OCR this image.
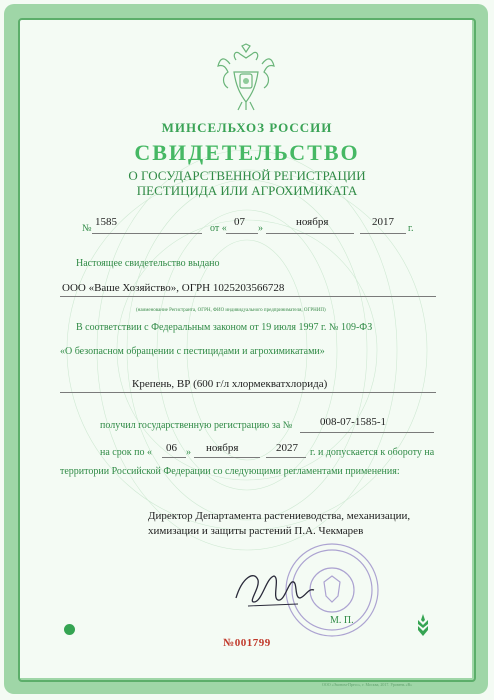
МИНСЕЛЬХОЗ РОССИИ
СВИДЕТЕЛЬСТВО
О ГОСУДАРСТВЕННОЙ РЕГИСТРАЦИИ
ПЕСТИЦИДА ИЛИ АГРОХИМИКАТА
№
1585
от «
07
»
ноября	2017
г.
Настоящее свидетельство выдано
ООО «Ваше Хозяйство», ОГРН 1025203566728
(наименование Регистранта, ОГРН, ФИО индивидуального предпринимателя, ОГРНИП)
В соответствии с Федеральным законом от 19 июля 1997 г. № 109-ФЗ
«О безопасном обращении с пестицидами и агрохимикатами»
Крепень, ВР (600 г/л хлормекватхлорида)
получил государственную регистрацию за №	008-07-1585-1
на срок по « 06 » ноября	2027 г. и допускается к обороту на
территории Российской Федерации со следующими регламентами применения:
Директор Департамента растениеводства, механизации,
химизации и защиты растений П.А. Чекмарев
М. П.
№001799
ООО «Эконом-Пресс», г. Москва, 2017. Уровень «В»
